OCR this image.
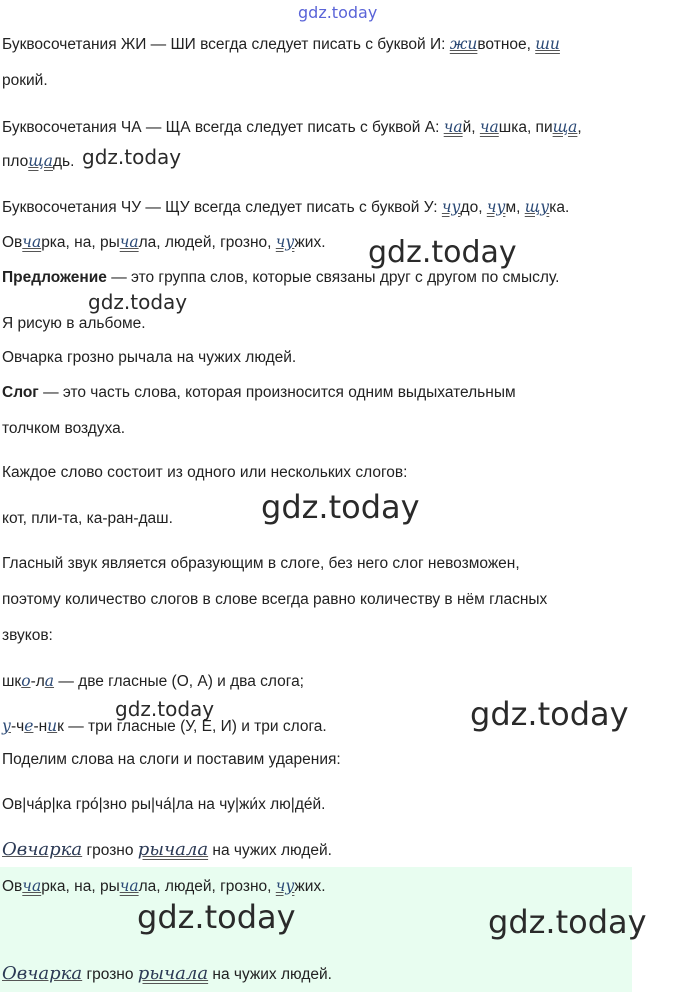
gdz.today
Буквосочетания ЖИ — ШИ всегда следует писать с буквой И: животное, ши
рокий.
Буквосочетания ЧА — ЩА всегда следует писать с буквой А: чай, чашка, пища,
площадь. gdz.today
Буквосочетания ЧУ — ЩУ всегда следует писать с буквой У: чудо, чум, щука.
Овчарка, на, рычала, людей, грозно, чужих.	gdz.today
Предложение — это группа слов, которые связаны друг с другом по смыслу.
gdz.today
Я рисую в альбоме.
Овчарка грозно рычала на чужих людей.
Слог — это часть слова, которая произносится одним выдыхательным
толчком воздуха.
Каждое слово состоит из одного или нескольких слогов:
кот, пли-та, ка-ран-даш.	gdz.today
Гласный звук является образующим в слоге, без него слог невозможен,
поэтому количество слогов в слове всегда равно количеству в нём гласных
звуков:
шко-ла — две гласные (О, А) и два слога;
gdz.today
у-че-ник — три гласные (У, Е, И) и три слога.	gdz.today
Поделим слова на слоги и поставим ударения:
Ов|ча́р|ка гро́|зно ры|ча́|ла на чу|жи́х лю|де́й.
Овчарка грозно рычала на чужих людей.
Овчарка, на, рычала, людей, грозно, чужих.
gdz.today	gdz.today
Овчарка грозно рычала на чужих людей.
